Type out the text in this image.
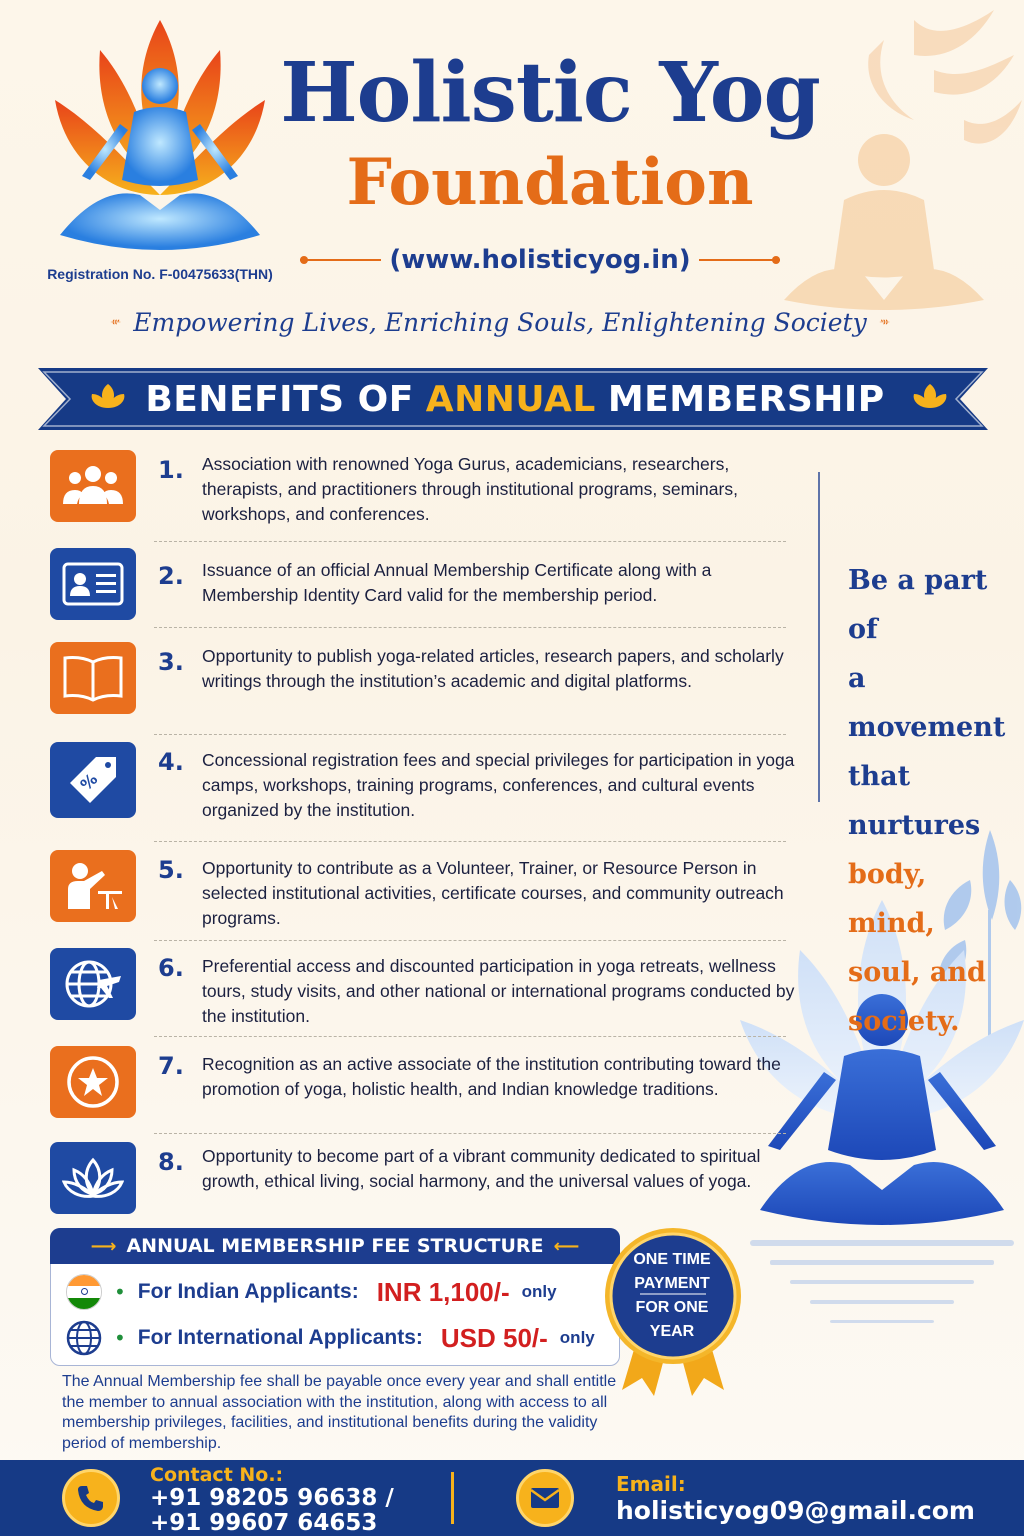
Holistic Yog
Foundation
Registration No. F-00475633(THN)	(www.holisticyog.in)
Empowering Lives, Enriching Souls, Enlightening Society
BENEFITS OF ANNUAL MEMBERSHIP
1. Association with renowned Yoga Gurus, academicians, researchers, therapists, and practitioners through institutional programs, seminars, workshops, and conferences.
2. Issuance of an official Annual Membership Certificate along with a Membership Identity Card valid for the membership period.
3. Opportunity to publish yoga-related articles, research papers, and scholarly writings through the institution’s academic and digital platforms.
%
4. Concessional registration fees and special privileges for participation in yoga camps, workshops, training programs, conferences, and cultural events organized by the institution.
5. Opportunity to contribute as a Volunteer, Trainer, or Resource Person in selected institutional activities, certificate courses, and community outreach programs.
6. Preferential access and discounted participation in yoga retreats, wellness tours, study visits, and other national or international programs conducted by the institution.
7. Recognition as an active associate of the institution contributing toward the promotion of yoga, holistic health, and Indian knowledge traditions.
8. Opportunity to become part of a vibrant community dedicated to spiritual growth, ethical living, social harmony, and the universal values of yoga.
Be a part of
a movement
that nurtures
body, mind,
soul, and
society.
⟶ ANNUAL MEMBERSHIP FEE STRUCTURE ⟵
• For Indian Applicants: INR 1,100/- only
• For International Applicants: USD 50/- only
ONE TIME
PAYMENT
FOR ONE
YEAR
The Annual Membership fee shall be payable once every year and shall entitle the member to annual association with the institution, along with access to all membership privileges, facilities, and institutional benefits during the validity period of membership.
Contact No.:
+91 98205 96638 /
+91 99607 64653
Email:
holisticyog09@gmail.com
